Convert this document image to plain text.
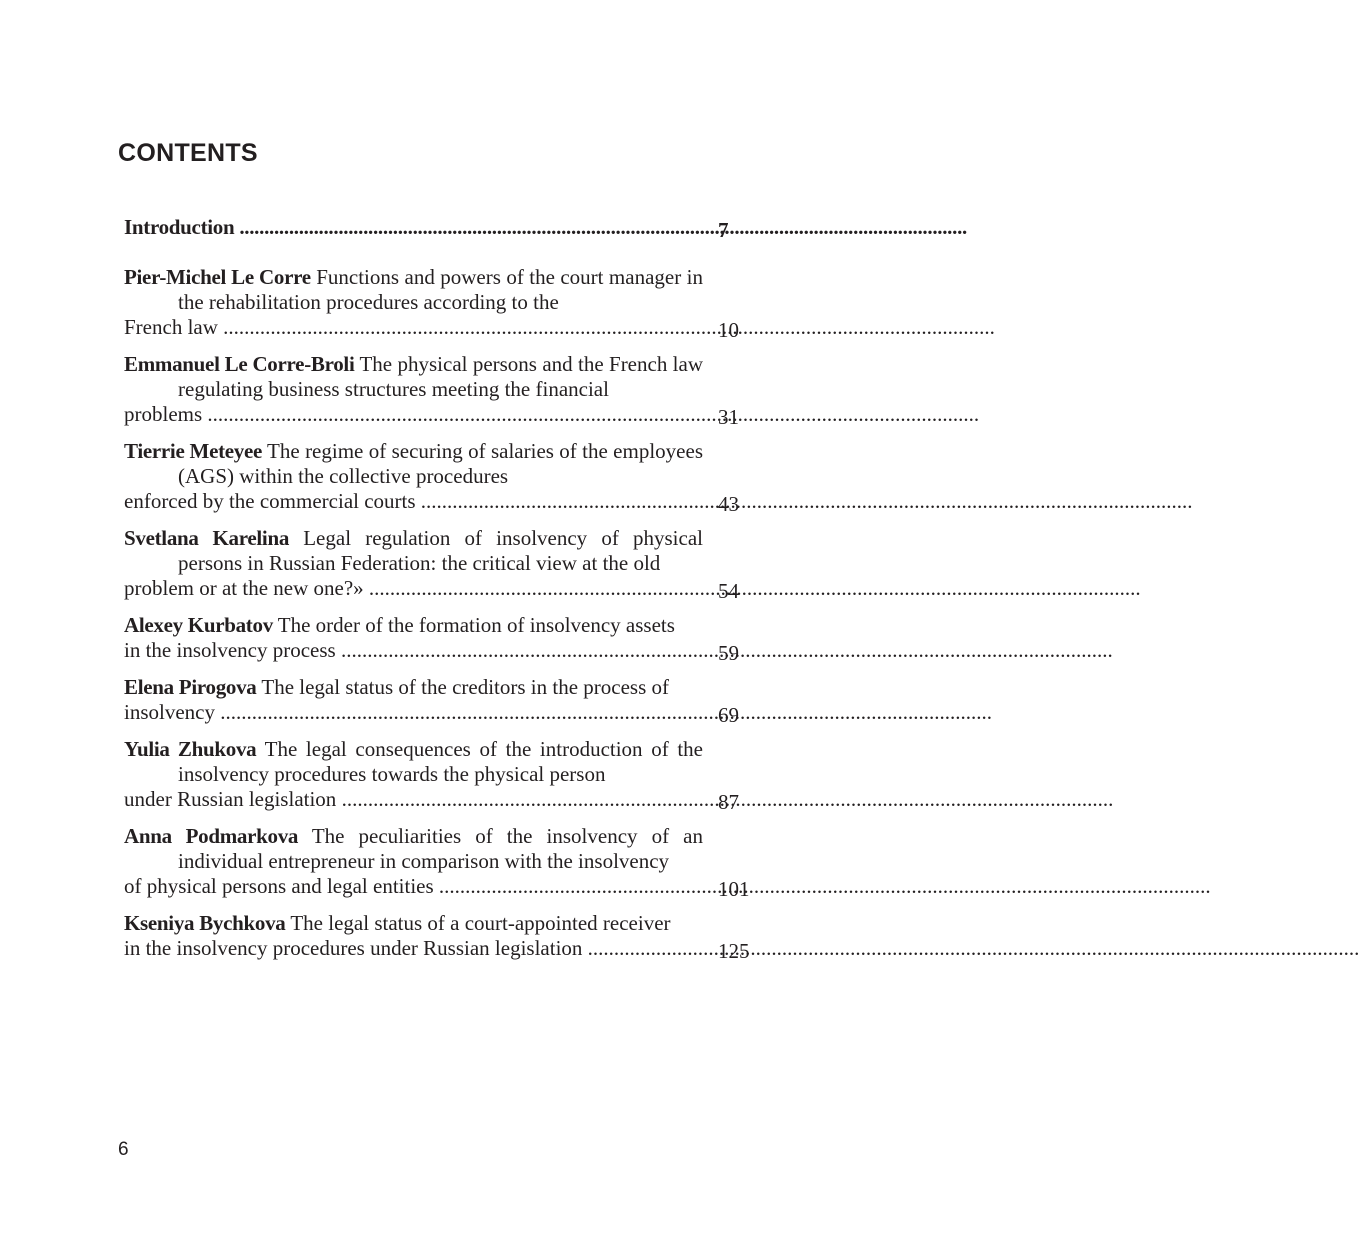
CONTENTS
Introduction .....	7
Pier-Michel Le Corre Functions and powers of the court manager in the rehabilitation procedures according to the
French law .....	10
Emmanuel Le Corre-Broli The physical persons and the French law regulating business structures meeting the financial
problems .....	31
Tierrie Meteyee The regime of securing of salaries of the employees (AGS) within the collective procedures
enforced by the commercial courts .....	43
Svetlana Karelina Legal regulation of insolvency of physical persons in Russian Federation: the critical view at the old
problem or at the new one?» .....	54
Alexey Kurbatov The order of the formation of insolvency assets
in the insolvency process .....	59
Elena Pirogova The legal status of the creditors in the process of
insolvency .....	69
Yulia Zhukova The legal consequences of the introduction of the insolvency procedures towards the physical person
under Russian legislation .....	87
Anna Podmarkova The peculiarities of the insolvency of an individual entrepreneur in comparison with the insolvency
of physical persons and legal entities .....	101
Kseniya Bychkova The legal status of a court-appointed receiver
in the insolvency procedures under Russian legislation .....	125
6
